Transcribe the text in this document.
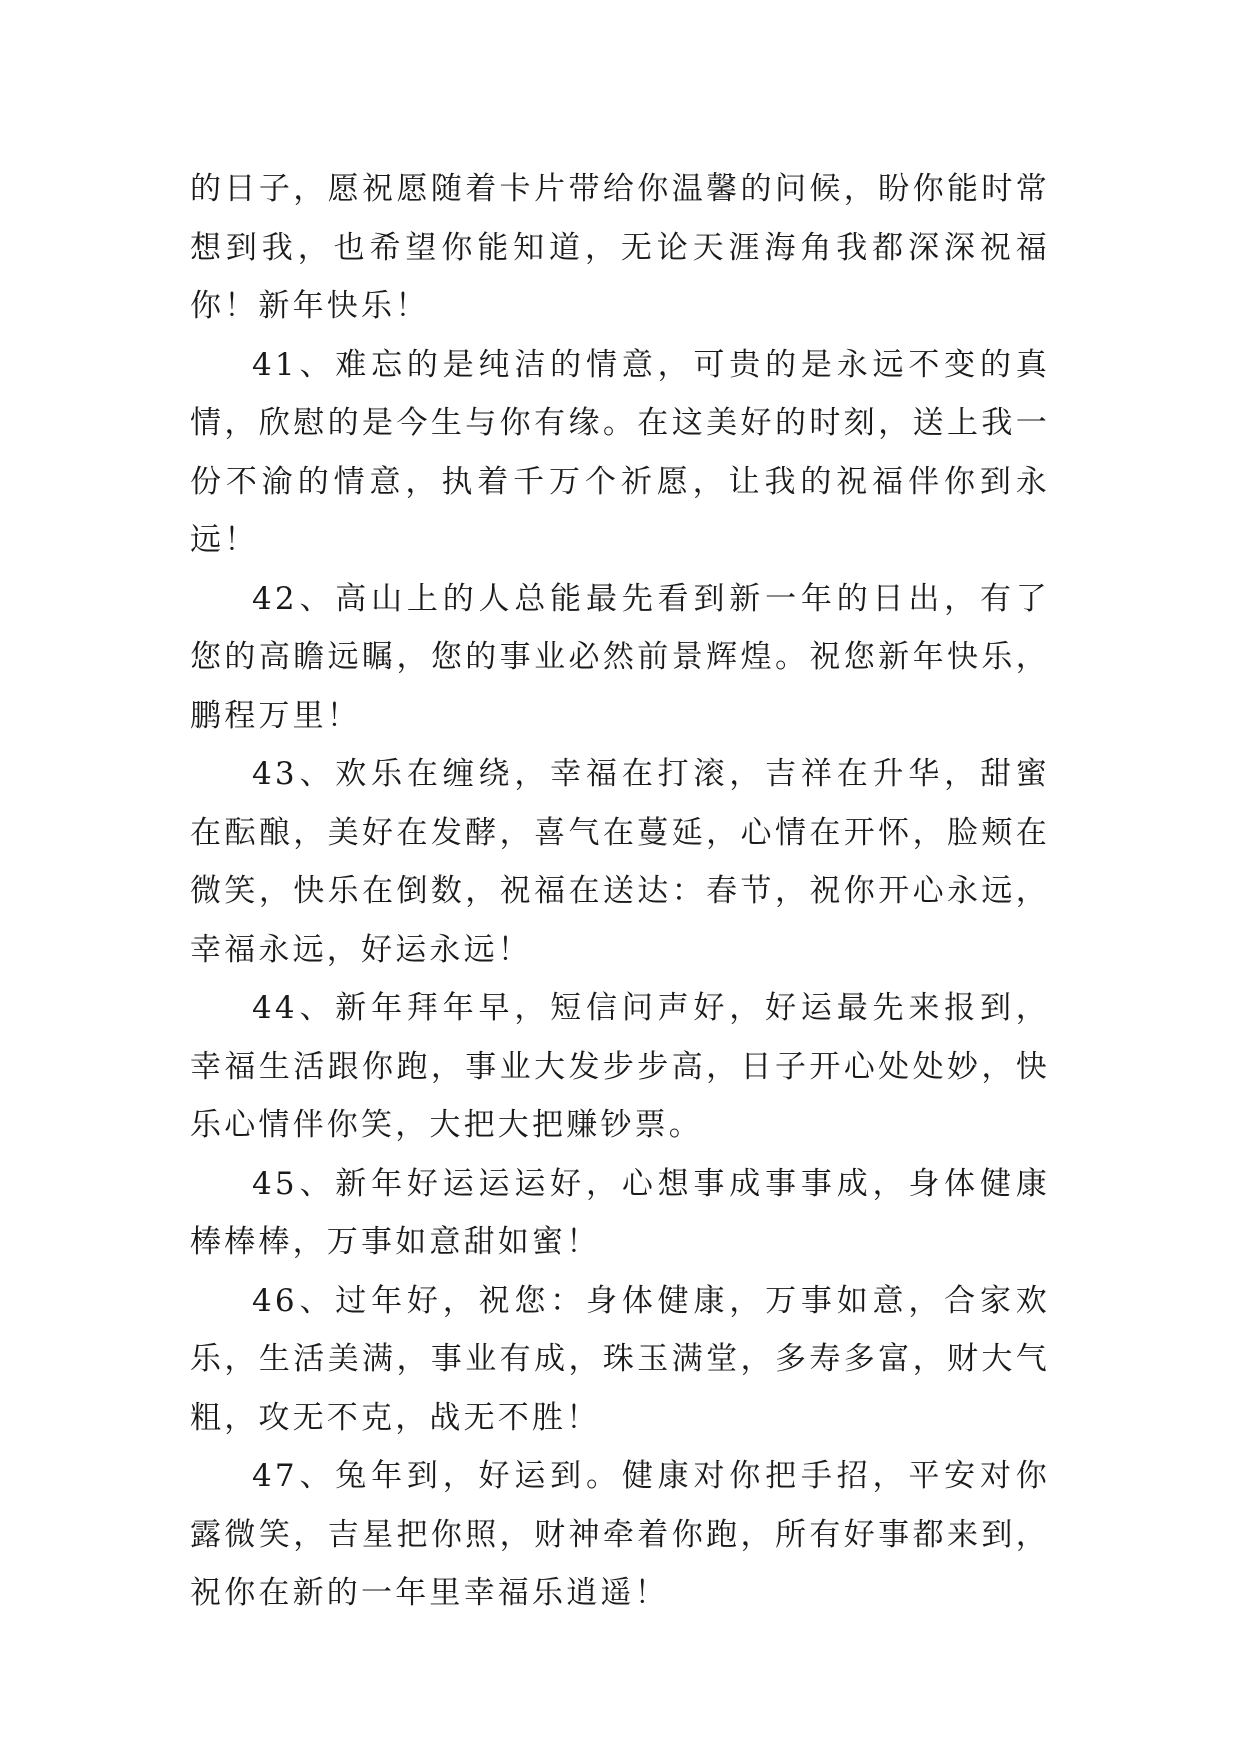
的日子，愿祝愿随着卡片带给你温馨的问候，盼你能时常想到我，也希望你能知道，无论天涯海角我都深深祝福你！新年快乐！

41、难忘的是纯洁的情意，可贵的是永远不变的真情，欣慰的是今生与你有缘。在这美好的时刻，送上我一份不渝的情意，执着千万个祈愿，让我的祝福伴你到永远！

42、高山上的人总能最先看到新一年的日出，有了您的高瞻远瞩，您的事业必然前景辉煌。祝您新年快乐，鹏程万里！

43、欢乐在缠绕，幸福在打滚，吉祥在升华，甜蜜在酝酿，美好在发酵，喜气在蔓延，心情在开怀，脸颊在微笑，快乐在倒数，祝福在送达：春节，祝你开心永远，幸福永远，好运永远！

44、新年拜年早，短信问声好，好运最先来报到，幸福生活跟你跑，事业大发步步高，日子开心处处妙，快乐心情伴你笑，大把大把赚钞票。

45、新年好运运运好，心想事成事事成，身体健康棒棒棒，万事如意甜如蜜！

46、过年好，祝您：身体健康，万事如意，合家欢乐，生活美满，事业有成，珠玉满堂，多寿多富，财大气粗，攻无不克，战无不胜！

47、兔年到，好运到。健康对你把手招，平安对你露微笑，吉星把你照，财神牵着你跑，所有好事都来到，祝你在新的一年里幸福乐逍遥！
